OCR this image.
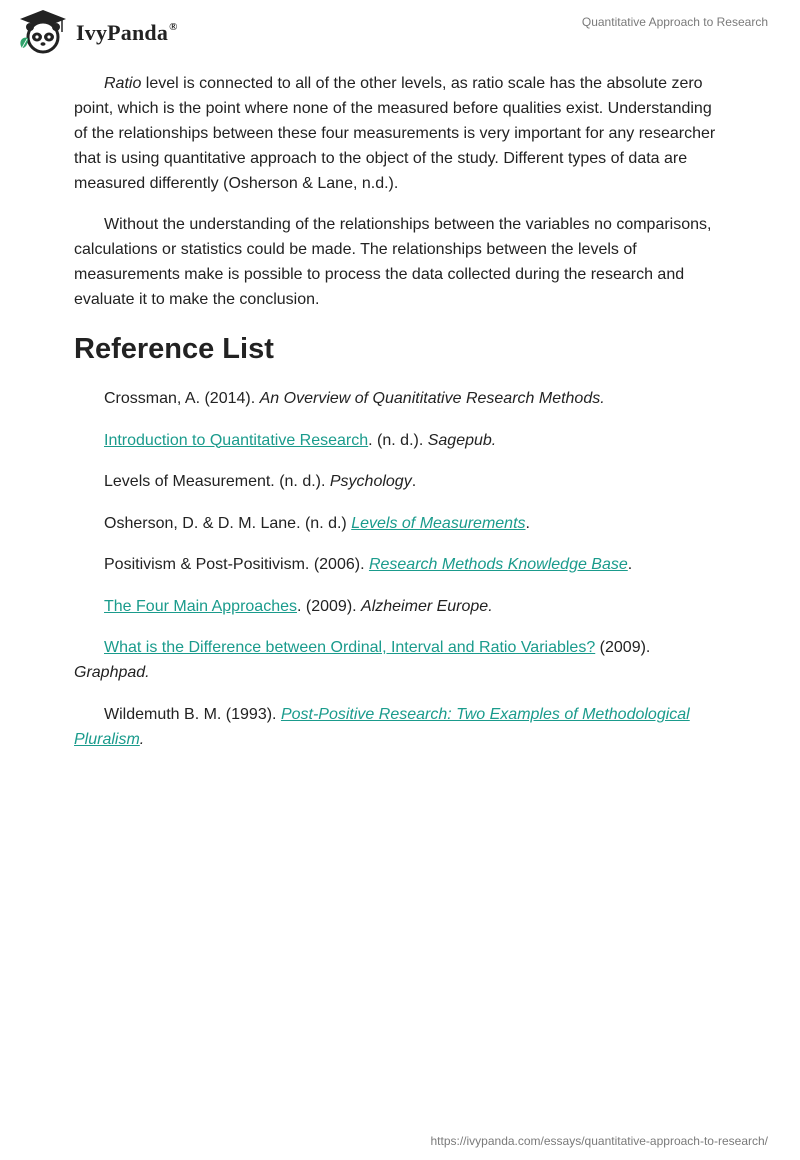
IvyPanda®	Quantitative Approach to Research

Ratio level is connected to all of the other levels, as ratio scale has the absolute zero point, which is the point where none of the measured before qualities exist. Understanding of the relationships between these four measurements is very important for any researcher that is using quantitative approach to the object of the study. Different types of data are measured differently (Osherson & Lane, n.d.).

Without the understanding of the relationships between the variables no comparisons, calculations or statistics could be made. The relationships between the levels of measurements make is possible to process the data collected during the research and evaluate it to make the conclusion.

Reference List

Crossman, A. (2014). An Overview of Quanititative Research Methods.

Introduction to Quantitative Research. (n. d.). Sagepub.

Levels of Measurement. (n. d.). Psychology.

Osherson, D. & D. M. Lane. (n. d.) Levels of Measurements.

Positivism & Post-Positivism. (2006). Research Methods Knowledge Base.

The Four Main Approaches. (2009). Alzheimer Europe.

What is the Difference between Ordinal, Interval and Ratio Variables? (2009). Graphpad.

Wildemuth B. M. (1993). Post-Positive Research: Two Examples of Methodological Pluralism.

https://ivypanda.com/essays/quantitative-approach-to-research/
